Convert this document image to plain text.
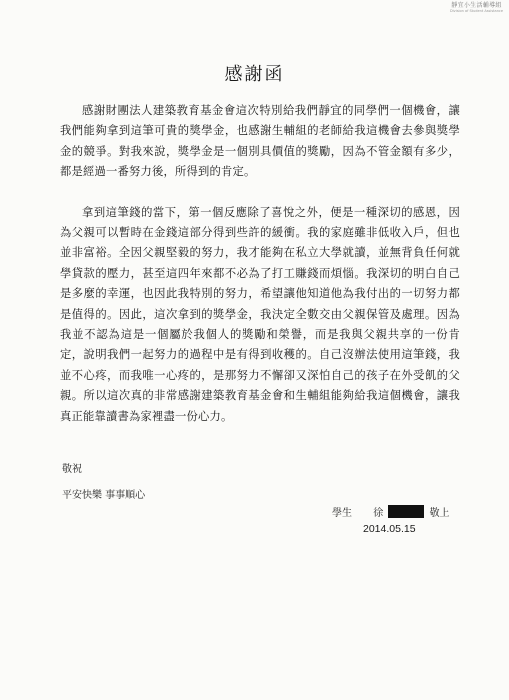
靜宜小生活輔導組
Division of Student Assistance
感謝函

感謝財團法人建築教育基金會這次特別給我們靜宜的同學們一個機會，讓我們能夠拿到這筆可貴的獎學金，也感謝生輔組的老師給我這機會去參與獎學金的競爭。對我來說，獎學金是一個別具價值的獎勵，因為不管金額有多少，都是經過一番努力後，所得到的肯定。

拿到這筆錢的當下，第一個反應除了喜悅之外，便是一種深切的感恩，因為父親可以暫時在金錢這部分得到些許的緩衝。我的家庭雖非低收入戶，但也並非富裕。全因父親堅毅的努力，我才能夠在私立大學就讀，並無背負任何就學貸款的壓力，甚至這四年來都不必為了打工賺錢而煩惱。我深切的明白自己是多麼的幸運，也因此我特別的努力，希望讓他知道他為我付出的一切努力都是值得的。因此，這次拿到的獎學金，我決定全數交由父親保管及處理。因為我並不認為這是一個屬於我個人的獎勵和榮譽，而是我與父親共享的一份肯定，說明我們一起努力的過程中是有得到收穫的。自己沒辦法使用這筆錢，我並不心疼，而我唯一心疼的，是那努力不懈卻又深怕自己的孩子在外受飢的父親。所以這次真的非常感謝建築教育基金會和生輔組能夠給我這個機會，讓我真正能靠讀書為家裡盡一份心力。

敬祝
平安快樂 事事順心
學生 徐	敬上
2014.05.15
